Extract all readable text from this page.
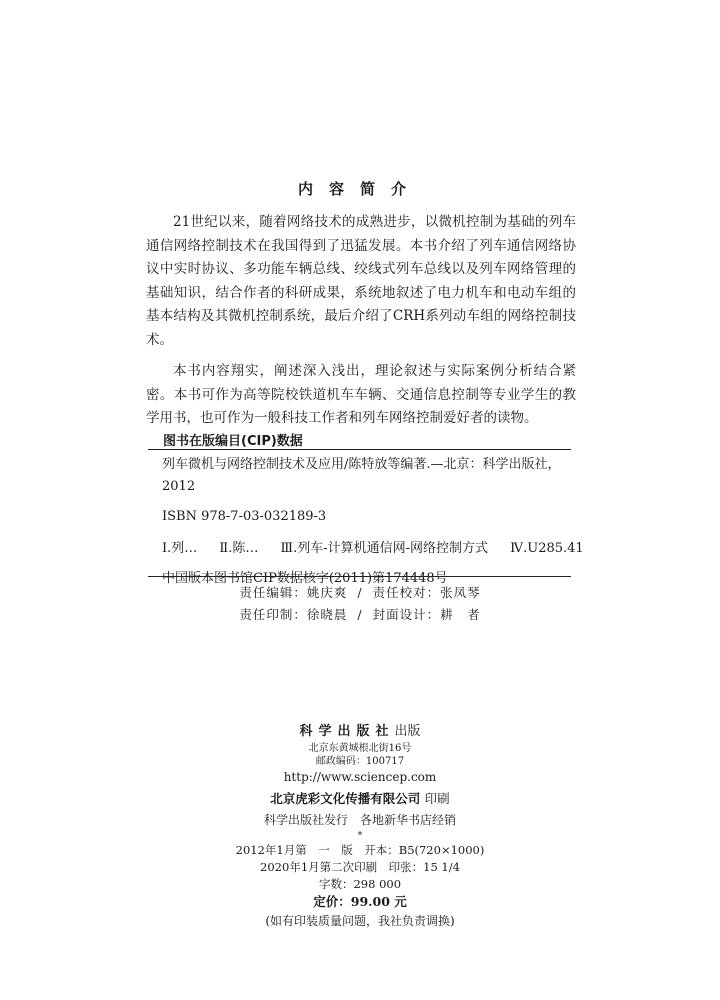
内容简介

21世纪以来，随着网络技术的成熟进步，以微机控制为基础的列车通信网络控制技术在我国得到了迅猛发展。本书介绍了列车通信网络协议中实时协议、多功能车辆总线、绞线式列车总线以及列车网络管理的基础知识，结合作者的科研成果，系统地叙述了电力机车和电动车组的基本结构及其微机控制系统，最后介绍了CRH系列动车组的网络控制技术。

本书内容翔实，阐述深入浅出，理论叙述与实际案例分析结合紧密。本书可作为高等院校铁道机车车辆、交通信息控制等专业学生的教学用书，也可作为一般科技工作者和列车网络控制爱好者的读物。

图书在版编目(CIP)数据

列车微机与网络控制技术及应用/陈特放等编著.—北京：科学出版社，2012

ISBN 978-7-03-032189-3

Ⅰ.列… Ⅱ.陈… Ⅲ.列车-计算机通信网-网络控制方式 Ⅳ.U285.41

中国版本图书馆CIP数据核字(2011)第174448号

责任编辑：姚庆爽 / 责任校对：张凤琴
责任印制：徐晓晨 / 封面设计：耕　者

科学出版社出版

北京东黄城根北街16号

邮政编码：100717

http://www.sciencep.com

北京虎彩文化传播有限公司 印刷

科学出版社发行　各地新华书店经销

*

2012年1月第　一　版　开本：B5(720×1000)

2020年1月第二次印刷　印张：15 1/4

字数：298 000

定价：99.00 元

(如有印装质量问题，我社负责调换)
